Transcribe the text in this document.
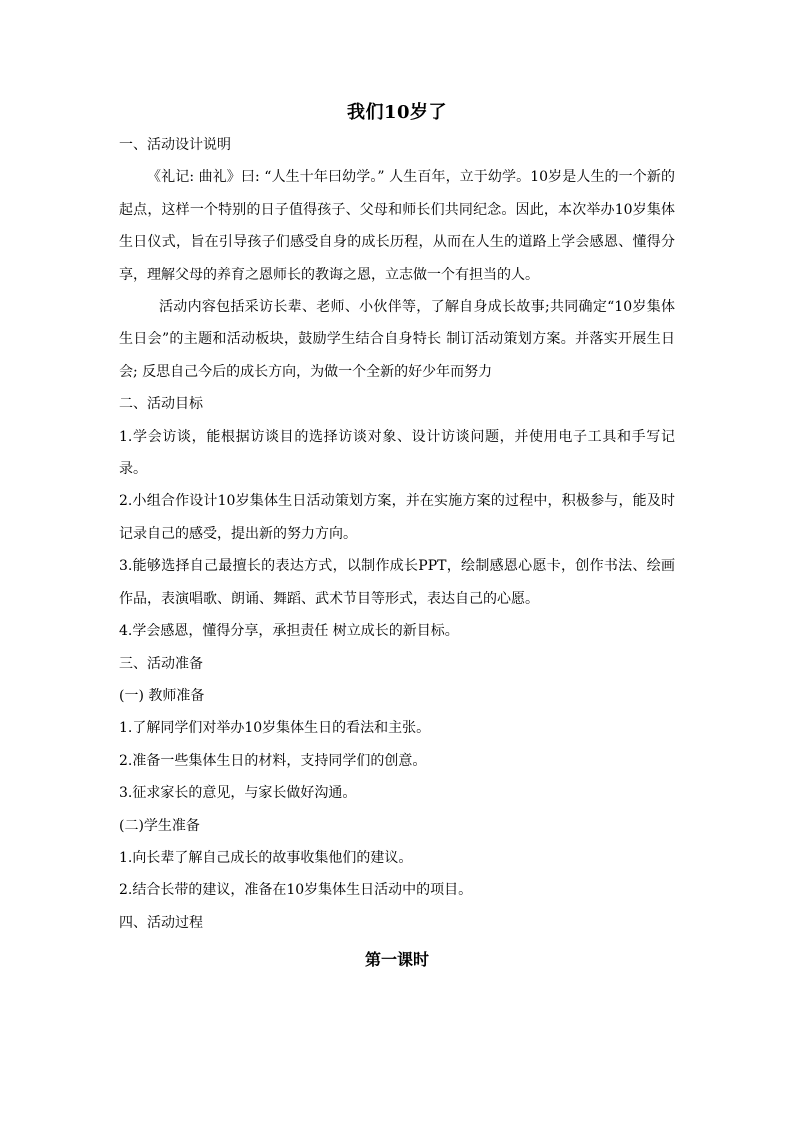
我们10岁了

一、活动设计说明

《礼记: 曲礼》曰: “人生十年曰幼学。” 人生百年，立于幼学。10岁是人生的一个新的起点，这样一个特别的日子值得孩子、父母和师长们共同纪念。因此，本次举办10岁集体生日仪式，旨在引导孩子们感受自身的成长历程，从而在人生的道路上学会感恩、懂得分享，理解父母的养育之恩师长的教诲之恩，立志做一个有担当的人。

活动内容包括采访长辈、老师、小伙伴等，了解自身成长故事;共同确定“10岁集体生日会”的主题和活动板块，鼓励学生结合自身特长 制订活动策划方案。并落实开展生日会; 反思自己今后的成长方向，为做一个全新的好少年而努力

二、活动目标

1.学会访谈，能根据访谈目的选择访谈对象、设计访谈问题，并使用电子工具和手写记录。

2.小组合作设计10岁集体生日活动策划方案，并在实施方案的过程中，积极参与，能及时记录自己的感受，提出新的努力方向。

3.能够选择自己最擅长的表达方式，以制作成长PPT，绘制感恩心愿卡，创作书法、绘画作品，表演唱歌、朗诵、舞蹈、武术节目等形式，表达自己的心愿。

4.学会感恩，懂得分享，承担责任 树立成长的新目标。

三、活动准备

(一) 教师准备

1.了解同学们对举办10岁集体生日的看法和主张。

2.准备一些集体生日的材料，支持同学们的创意。

3.征求家长的意见，与家长做好沟通。

(二)学生准备

1.向长辈了解自己成长的故事收集他们的建议。

2.结合长带的建议，准备在10岁集体生日活动中的项目。

四、活动过程

第一课时
